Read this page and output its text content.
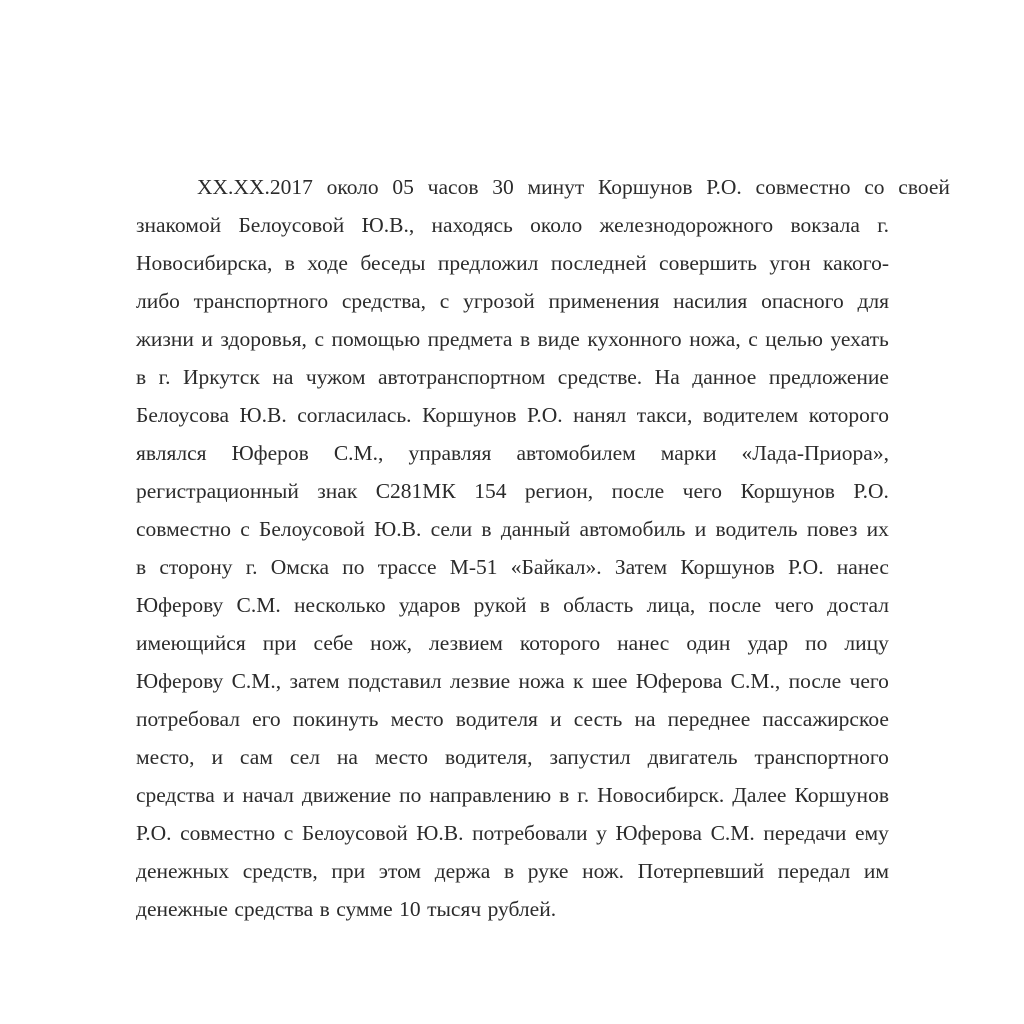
XX.XX.2017 около 05 часов 30 минут Коршунов Р.О. совместно со своей
знакомой Белоусовой Ю.В., находясь около железнодорожного вокзала г.
Новосибирска, в ходе беседы предложил последней совершить угон какого-
либо транспортного средства, с угрозой применения насилия опасного для
жизни и здоровья, с помощью предмета в виде кухонного ножа, с целью уехать
в г. Иркутск на чужом автотранспортном средстве. На данное предложение
Белоусова Ю.В. согласилась. Коршунов Р.О. нанял такси, водителем которого
являлся Юферов С.М., управляя автомобилем марки «Лада-Приора»,
регистрационный знак С281МК 154 регион, после чего Коршунов Р.О.
совместно с Белоусовой Ю.В. сели в данный автомобиль и водитель повез их
в сторону г. Омска по трассе М-51 «Байкал». Затем Коршунов Р.О. нанес
Юферову С.М. несколько ударов рукой в область лица, после чего достал
имеющийся при себе нож, лезвием которого нанес один удар по лицу
Юферову С.М., затем подставил лезвие ножа к шее Юферова С.М., после чего
потребовал его покинуть место водителя и сесть на переднее пассажирское
место, и сам сел на место водителя, запустил двигатель транспортного
средства и начал движение по направлению в г. Новосибирск. Далее Коршунов
Р.О. совместно с Белоусовой Ю.В. потребовали у Юферова С.М. передачи ему
денежных средств, при этом держа в руке нож. Потерпевший передал им
денежные средства в сумме 10 тысяч рублей.
